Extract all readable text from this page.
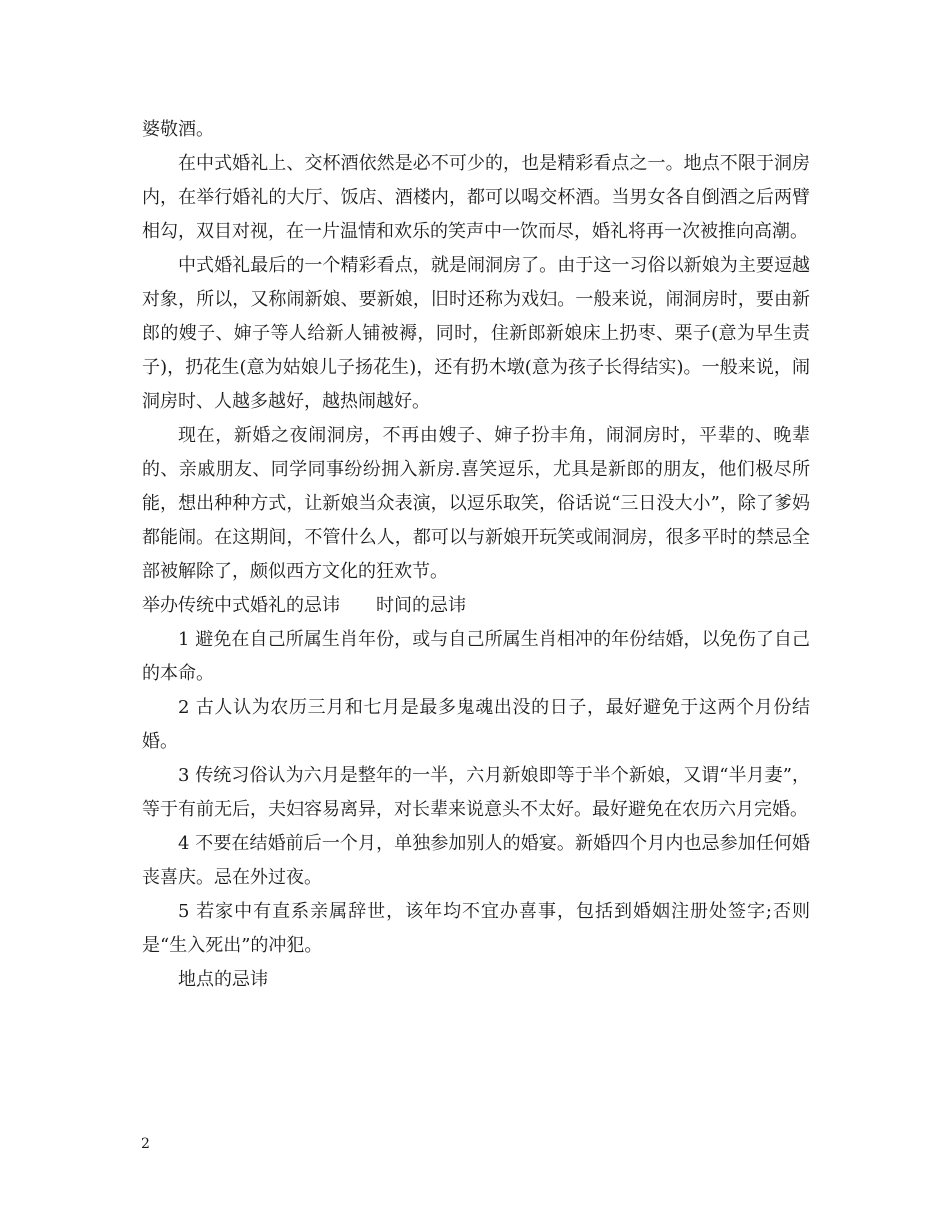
婆敬酒。

在中式婚礼上、交杯酒依然是必不可少的，也是精彩看点之一。地点不限于洞房内，在举行婚礼的大厅、饭店、酒楼内，都可以喝交杯酒。当男女各自倒酒之后两臂相勾，双目对视，在一片温情和欢乐的笑声中一饮而尽，婚礼将再一次被推向高潮。

中式婚礼最后的一个精彩看点，就是闹洞房了。由于这一习俗以新娘为主要逗越对象，所以，又称闹新娘、要新娘，旧时还称为戏妇。一般来说，闹洞房时，要由新郎的嫂子、婶子等人给新人铺被褥，同时，住新郎新娘床上扔枣、栗子(意为早生责子)，扔花生(意为姑娘儿子扬花生)，还有扔木墩(意为孩子长得结实)。一般来说，闹洞房时、人越多越好，越热闹越好。

现在，新婚之夜闹洞房，不再由嫂子、婶子扮丰角，闹洞房时，平辈的、晚辈的、亲戚朋友、同学同事纷纷拥入新房.喜笑逗乐，尤具是新郎的朋友，他们极尽所能，想出种种方式，让新娘当众表演，以逗乐取笑，俗话说“三日没大小”，除了爹妈都能闹。在这期间，不管什么人，都可以与新娘开玩笑或闹洞房，很多平时的禁忌全部被解除了，颇似西方文化的狂欢节。

举办传统中式婚礼的忌讳 时间的忌讳

1 避免在自己所属生肖年份，或与自己所属生肖相冲的年份结婚，以免伤了自己的本命。

2 古人认为农历三月和七月是最多鬼魂出没的日子，最好避免于这两个月份结婚。

3 传统习俗认为六月是整年的一半，六月新娘即等于半个新娘，又谓“半月妻”，等于有前无后，夫妇容易离异，对长辈来说意头不太好。最好避免在农历六月完婚。

4 不要在结婚前后一个月，单独参加别人的婚宴。新婚四个月内也忌参加任何婚丧喜庆。忌在外过夜。

5 若家中有直系亲属辞世，该年均不宜办喜事，包括到婚姻注册处签字;否则是“生入死出”的冲犯。

地点的忌讳

2
